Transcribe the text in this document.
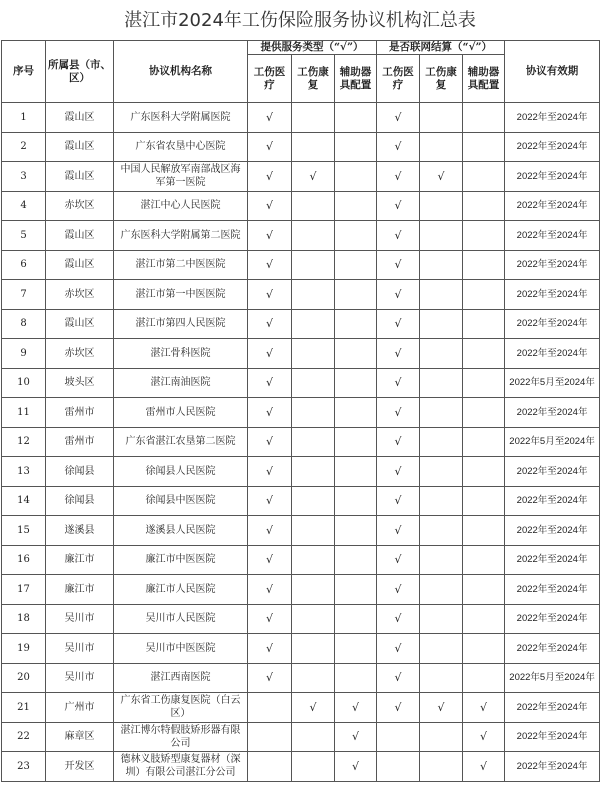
湛江市2024年工伤保险服务协议机构汇总表
序号	所属县（市、区）	协议机构名称	提供服务类型（“√”）			是否联网结算（“√”）			协议有效期
			工伤医疗	工伤康复	辅助器具配置	工伤医疗	工伤康复	辅助器具配置	
1	霞山区	广东医科大学附属医院	√			√			2022年至2024年
2	霞山区	广东省农垦中心医院	√			√			2022年至2024年
3	霞山区	中国人民解放军南部战区海军第一医院	√	√		√	√		2022年至2024年
4	赤坎区	湛江中心人民医院	√			√			2022年至2024年
5	霞山区	广东医科大学附属第二医院	√			√			2022年至2024年
6	霞山区	湛江市第二中医医院	√			√			2022年至2024年
7	赤坎区	湛江市第一中医医院	√			√			2022年至2024年
8	霞山区	湛江市第四人民医院	√			√			2022年至2024年
9	赤坎区	湛江骨科医院	√			√			2022年至2024年
10	坡头区	湛江南油医院	√			√			2022年5月至2024年
11	雷州市	雷州市人民医院	√			√			2022年至2024年
12	雷州市	广东省湛江农垦第二医院	√			√			2022年5月至2024年
13	徐闻县	徐闻县人民医院	√			√			2022年至2024年
14	徐闻县	徐闻县中医医院	√			√			2022年至2024年
15	遂溪县	遂溪县人民医院	√			√			2022年至2024年
16	廉江市	廉江市中医医院	√			√			2022年至2024年
17	廉江市	廉江市人民医院	√			√			2022年至2024年
18	吴川市	吴川市人民医院	√			√			2022年至2024年
19	吴川市	吴川市中医医院	√			√			2022年至2024年
20	吴川市	湛江西南医院	√			√			2022年5月至2024年
21	广州市	广东省工伤康复医院（白云区）		√	√	√	√	√	2022年至2024年
22	麻章区	湛江博尔特假肢矫形器有限公司			√			√	2022年至2024年
23	开发区	德林义肢矫型康复器材（深圳）有限公司湛江分公司			√			√	2022年至2024年
